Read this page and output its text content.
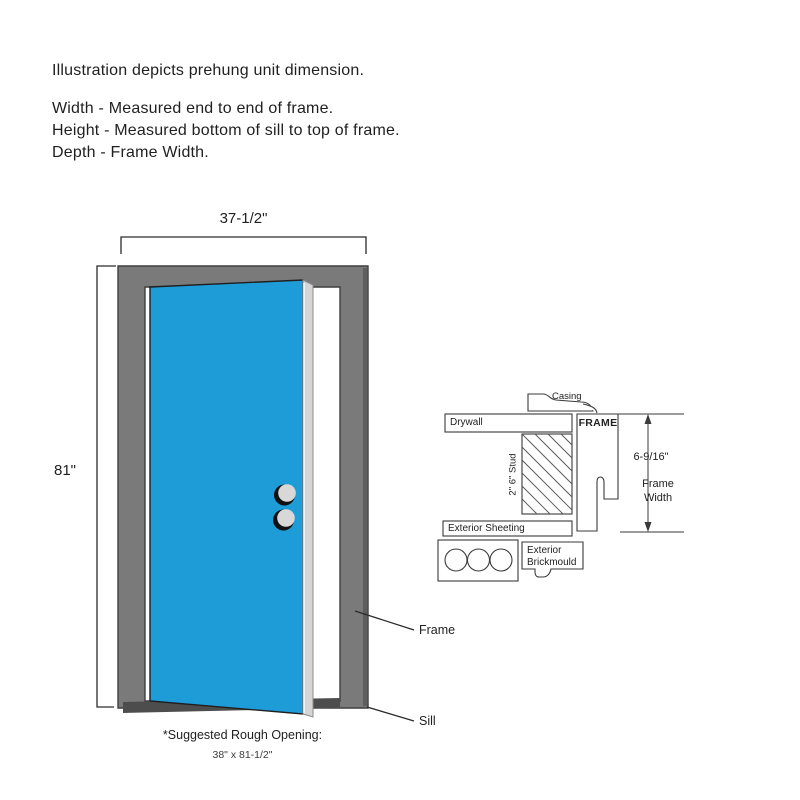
Illustration depicts prehung unit dimension.
Width - Measured end to end of frame.
Height - Measured bottom of sill to top of frame.
Depth - Frame Width.
37-1/2"
81"
Frame
Sill
*Suggested Rough Opening:
38" x 81-1/2"
Casing
Drywall
2" 6" Stud
Exterior Sheeting
FRAME
Exterior Brickmould
6-9/16"
Frame Width
